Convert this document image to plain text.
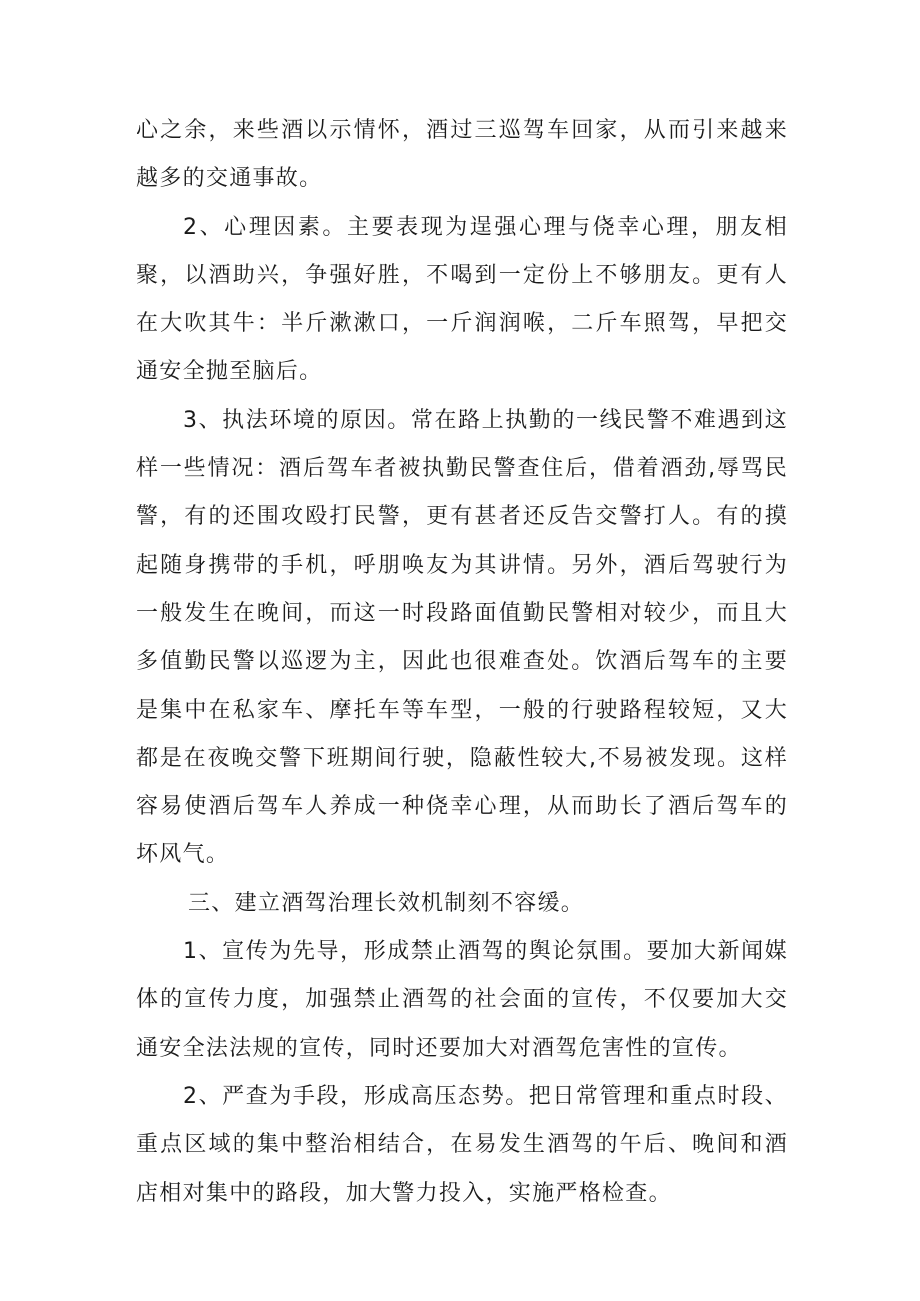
心之余，来些酒以示情怀，酒过三巡驾车回家，从而引来越来越多的交通事故。

2、心理因素。主要表现为逞强心理与侥幸心理，朋友相聚，以酒助兴，争强好胜，不喝到一定份上不够朋友。更有人在大吹其牛：半斤漱漱口，一斤润润喉，二斤车照驾，早把交通安全抛至脑后。

3、执法环境的原因。常在路上执勤的一线民警不难遇到这样一些情况：酒后驾车者被执勤民警查住后，借着酒劲,辱骂民警，有的还围攻殴打民警，更有甚者还反告交警打人。有的摸起随身携带的手机，呼朋唤友为其讲情。另外，酒后驾驶行为一般发生在晚间，而这一时段路面值勤民警相对较少，而且大多值勤民警以巡逻为主，因此也很难查处。饮酒后驾车的主要是集中在私家车、摩托车等车型，一般的行驶路程较短，又大都是在夜晚交警下班期间行驶，隐蔽性较大,不易被发现。这样容易使酒后驾车人养成一种侥幸心理，从而助长了酒后驾车的坏风气。

三、建立酒驾治理长效机制刻不容缓。

1、宣传为先导，形成禁止酒驾的舆论氛围。要加大新闻媒体的宣传力度，加强禁止酒驾的社会面的宣传，不仅要加大交通安全法法规的宣传，同时还要加大对酒驾危害性的宣传。

2、严查为手段，形成高压态势。把日常管理和重点时段、重点区域的集中整治相结合，在易发生酒驾的午后、晚间和酒店相对集中的路段，加大警力投入，实施严格检查。
